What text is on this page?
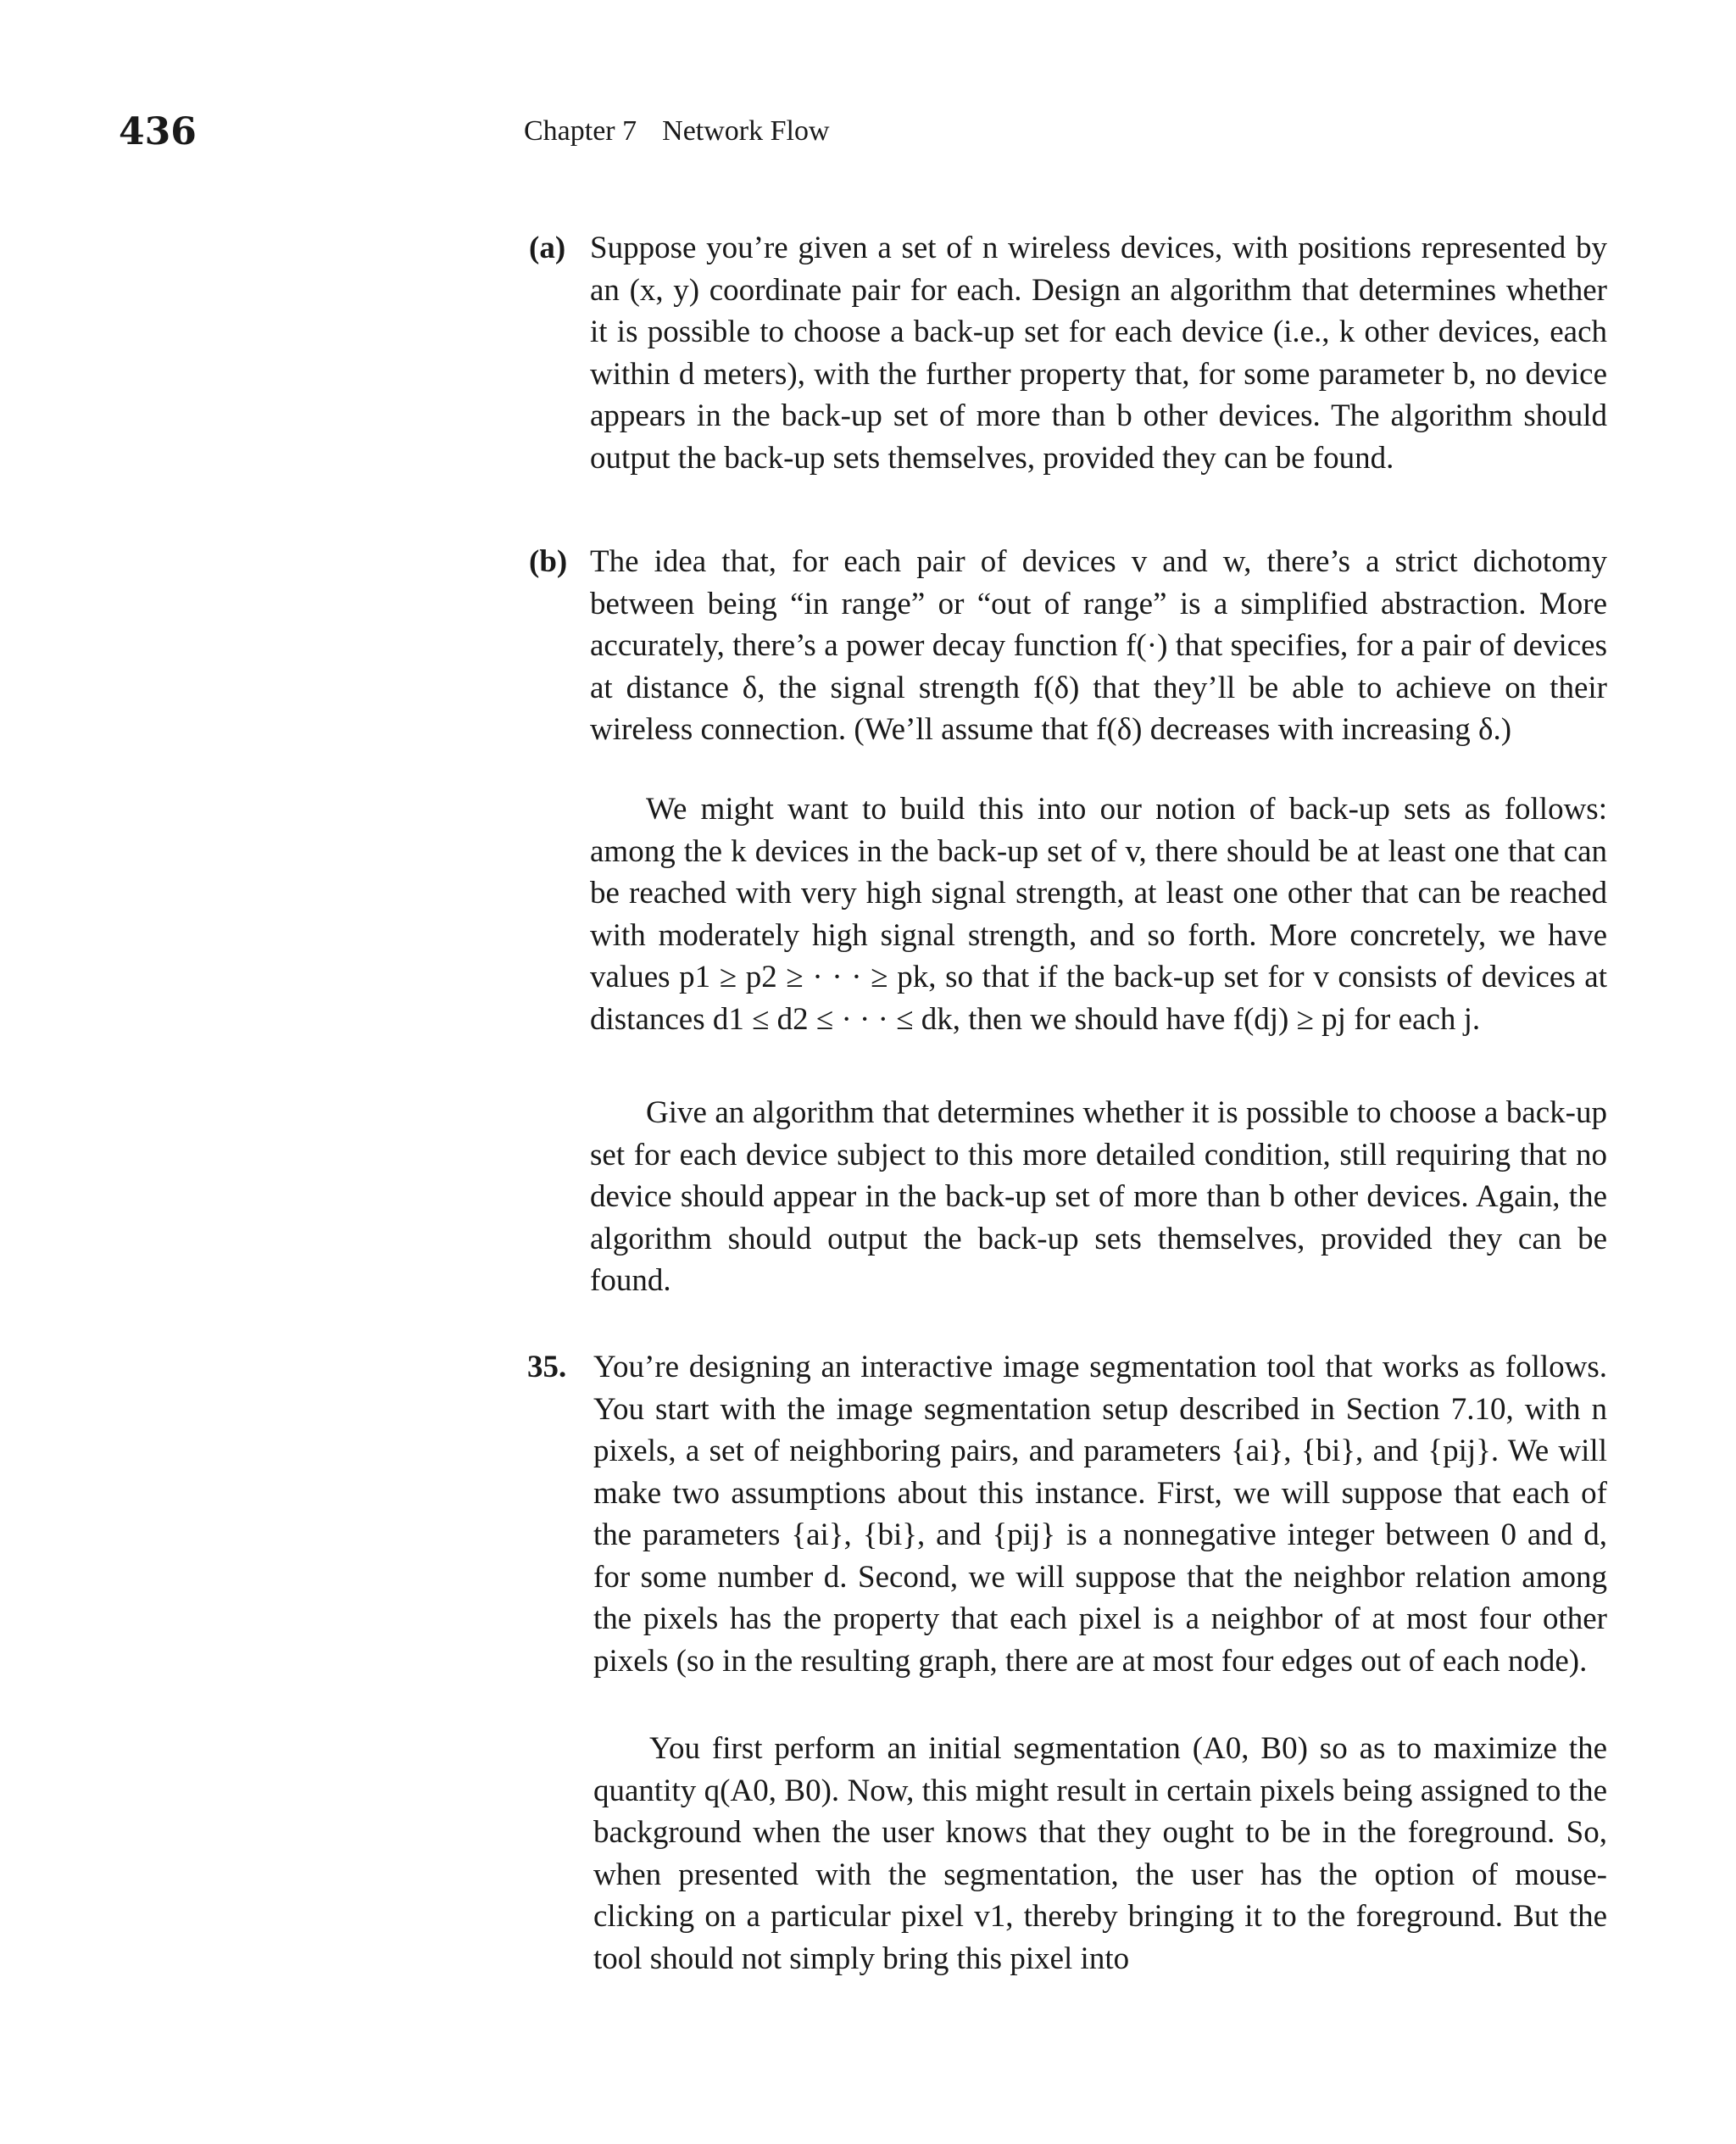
436	Chapter 7 Network Flow
(a) Suppose you’re given a set of n wireless devices, with positions represented by an (x, y) coordinate pair for each. Design an algorithm that determines whether it is possible to choose a back-up set for each device (i.e., k other devices, each within d meters), with the further property that, for some parameter b, no device appears in the back-up set of more than b other devices. The algorithm should output the back-up sets themselves, provided they can be found.

(b) The idea that, for each pair of devices v and w, there’s a strict dichotomy between being “in range” or “out of range” is a simplified abstraction. More accurately, there’s a power decay function f(·) that specifies, for a pair of devices at distance δ, the signal strength f(δ) that they’ll be able to achieve on their wireless connection. (We’ll assume that f(δ) decreases with increasing δ.)

We might want to build this into our notion of back-up sets as follows: among the k devices in the back-up set of v, there should be at least one that can be reached with very high signal strength, at least one other that can be reached with moderately high signal strength, and so forth. More concretely, we have values p1 ≥ p2 ≥ · · · ≥ pk, so that if the back-up set for v consists of devices at distances d1 ≤ d2 ≤ · · · ≤ dk, then we should have f(dj) ≥ pj for each j.

Give an algorithm that determines whether it is possible to choose a back-up set for each device subject to this more detailed condition, still requiring that no device should appear in the back-up set of more than b other devices. Again, the algorithm should output the back-up sets themselves, provided they can be found.

35. You’re designing an interactive image segmentation tool that works as follows. You start with the image segmentation setup described in Section 7.10, with n pixels, a set of neighboring pairs, and parameters {ai}, {bi}, and {pij}. We will make two assumptions about this instance. First, we will suppose that each of the parameters {ai}, {bi}, and {pij} is a nonnegative integer between 0 and d, for some number d. Second, we will suppose that the neighbor relation among the pixels has the property that each pixel is a neighbor of at most four other pixels (so in the resulting graph, there are at most four edges out of each node).

You first perform an initial segmentation (A0, B0) so as to maximize the quantity q(A0, B0). Now, this might result in certain pixels being assigned to the background when the user knows that they ought to be in the foreground. So, when presented with the segmentation, the user has the option of mouse-clicking on a particular pixel v1, thereby bringing it to the foreground. But the tool should not simply bring this pixel into
